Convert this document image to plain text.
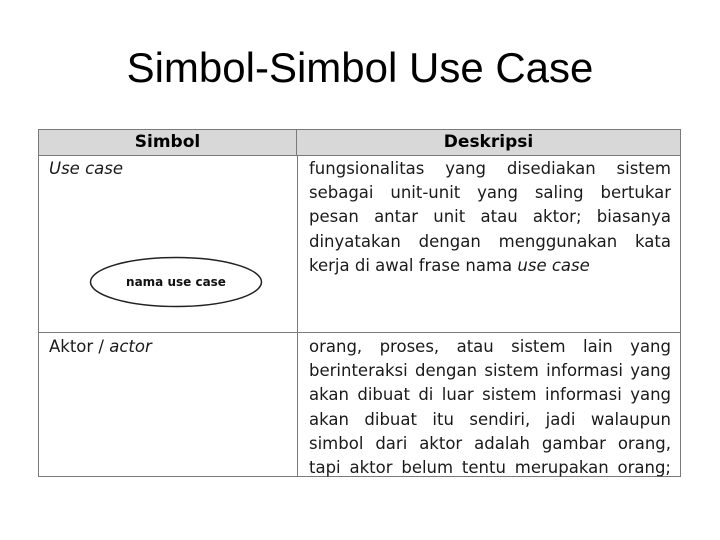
Simbol-Simbol Use Case
Simbol	Deskripsi
Use case
nama use case
fungsionalitas yang disediakan sistem sebagai unit-unit yang saling bertukar pesan antar unit atau aktor; biasanya dinyatakan dengan menggunakan kata kerja di awal frase nama use case
Aktor / actor	orang, proses, atau sistem lain yang berinteraksi dengan sistem informasi yang akan dibuat di luar sistem informasi yang akan dibuat itu sendiri, jadi walaupun simbol dari aktor adalah gambar orang, tapi aktor belum tentu merupakan orang;
